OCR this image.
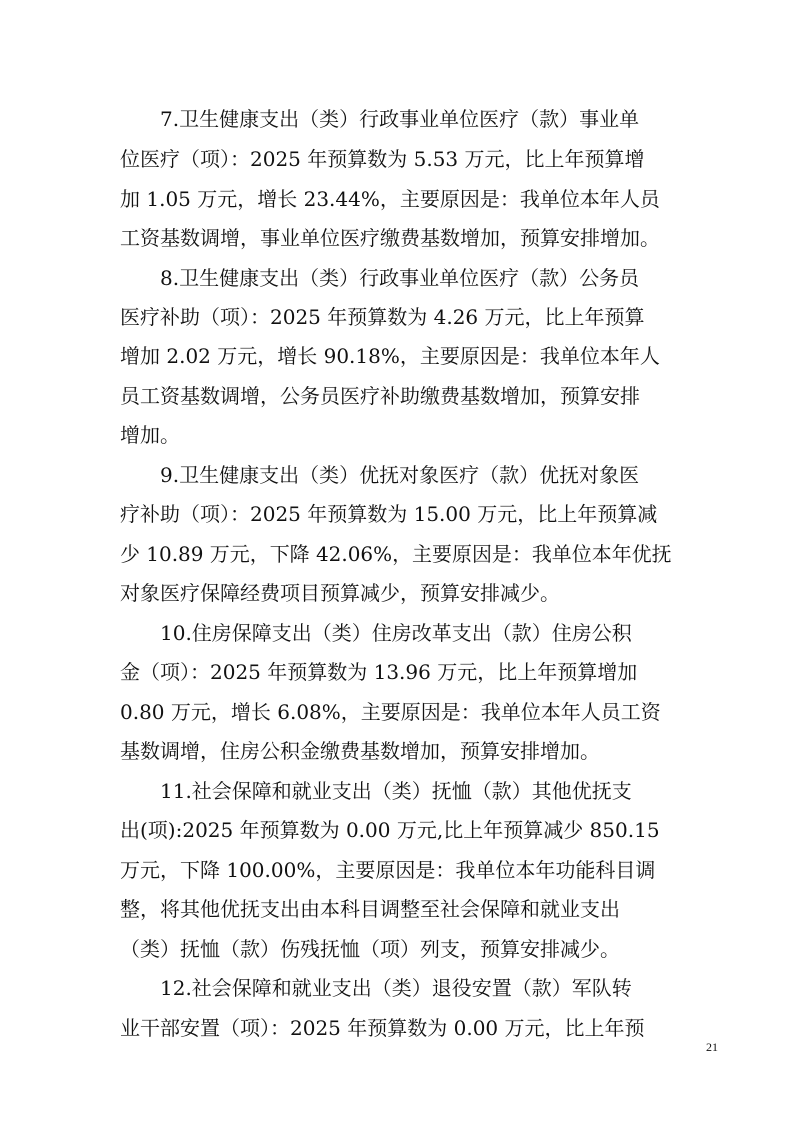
7.卫生健康支出（类）行政事业单位医疗（款）事业单

位医疗（项）：2025 年预算数为 5.53 万元，比上年预算增

加 1.05 万元，增长 23.44%，主要原因是：我单位本年人员

工资基数调增，事业单位医疗缴费基数增加，预算安排增加。

8.卫生健康支出（类）行政事业单位医疗（款）公务员

医疗补助（项）：2025 年预算数为 4.26 万元，比上年预算

增加 2.02 万元，增长 90.18%，主要原因是：我单位本年人

员工资基数调增，公务员医疗补助缴费基数增加，预算安排

增加。

9.卫生健康支出（类）优抚对象医疗（款）优抚对象医

疗补助（项）：2025 年预算数为 15.00 万元，比上年预算减

少 10.89 万元，下降 42.06%，主要原因是：我单位本年优抚

对象医疗保障经费项目预算减少，预算安排减少。

10.住房保障支出（类）住房改革支出（款）住房公积

金（项）：2025 年预算数为 13.96 万元，比上年预算增加

0.80 万元，增长 6.08%，主要原因是：我单位本年人员工资

基数调增，住房公积金缴费基数增加，预算安排增加。

11.社会保障和就业支出（类）抚恤（款）其他优抚支

出(项):2025 年预算数为 0.00 万元,比上年预算减少 850.15

万元，下降 100.00%，主要原因是：我单位本年功能科目调

整，将其他优抚支出由本科目调整至社会保障和就业支出

（类）抚恤（款）伤残抚恤（项）列支，预算安排减少。

12.社会保障和就业支出（类）退役安置（款）军队转

业干部安置（项）：2025 年预算数为 0.00 万元，比上年预

21
